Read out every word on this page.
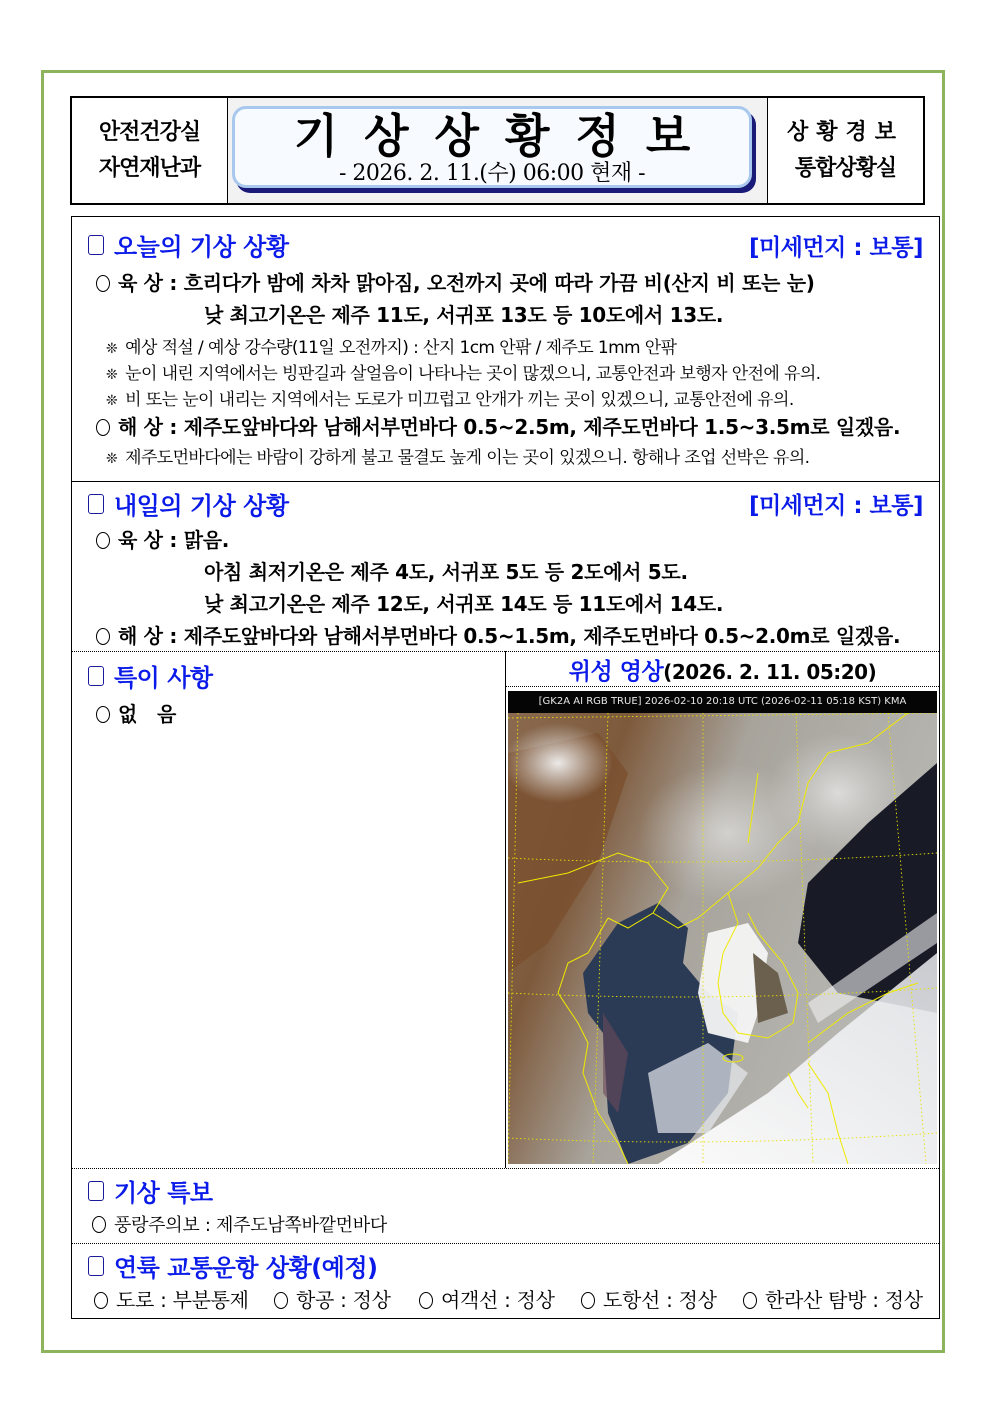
안전건강실
자연재난과
기상상황정보
- 2026. 2. 11.(수) 06:00 현재 -
상황경보
통합상황실
오늘의 기상 상황	[미세먼지 : 보통]
육 상 : 흐리다가 밤에 차차 맑아짐, 오전까지 곳에 따라 가끔 비(산지 비 또는 눈)
낮 최고기온은 제주 11도, 서귀포 13도 등 10도에서 13도.
❊ 예상 적설 / 예상 강수량(11일 오전까지) : 산지 1cm 안팎 / 제주도 1mm 안팎
❊ 눈이 내린 지역에서는 빙판길과 살얼음이 나타나는 곳이 많겠으니, 교통안전과 보행자 안전에 유의.
❊ 비 또는 눈이 내리는 지역에서는 도로가 미끄럽고 안개가 끼는 곳이 있겠으니, 교통안전에 유의.
해 상 : 제주도앞바다와 남해서부먼바다 0.5~2.5m, 제주도먼바다 1.5~3.5m로 일겠음.
❊ 제주도먼바다에는 바람이 강하게 불고 물결도 높게 이는 곳이 있겠으니. 항해나 조업 선박은 유의.
내일의 기상 상황	[미세먼지 : 보통]
육 상 : 맑음.
아침 최저기온은 제주 4도, 서귀포 5도 등 2도에서 5도.
낮 최고기온은 제주 12도, 서귀포 14도 등 11도에서 14도.
해 상 : 제주도앞바다와 남해서부먼바다 0.5~1.5m, 제주도먼바다 0.5~2.0m로 일겠음.
특이 사항
없   음
위성 영상(2026. 2. 11. 05:20)
[GK2A AI RGB TRUE] 2026-02-10 20:18 UTC (2026-02-11 05:18 KST) KMA
기상 특보
풍랑주의보 : 제주도남쪽바깥먼바다
연륙 교통운항 상황(예정)
도로 : 부분통제	항공 : 정상	여객선 : 정상	도항선 : 정상	한라산 탐방 : 정상
